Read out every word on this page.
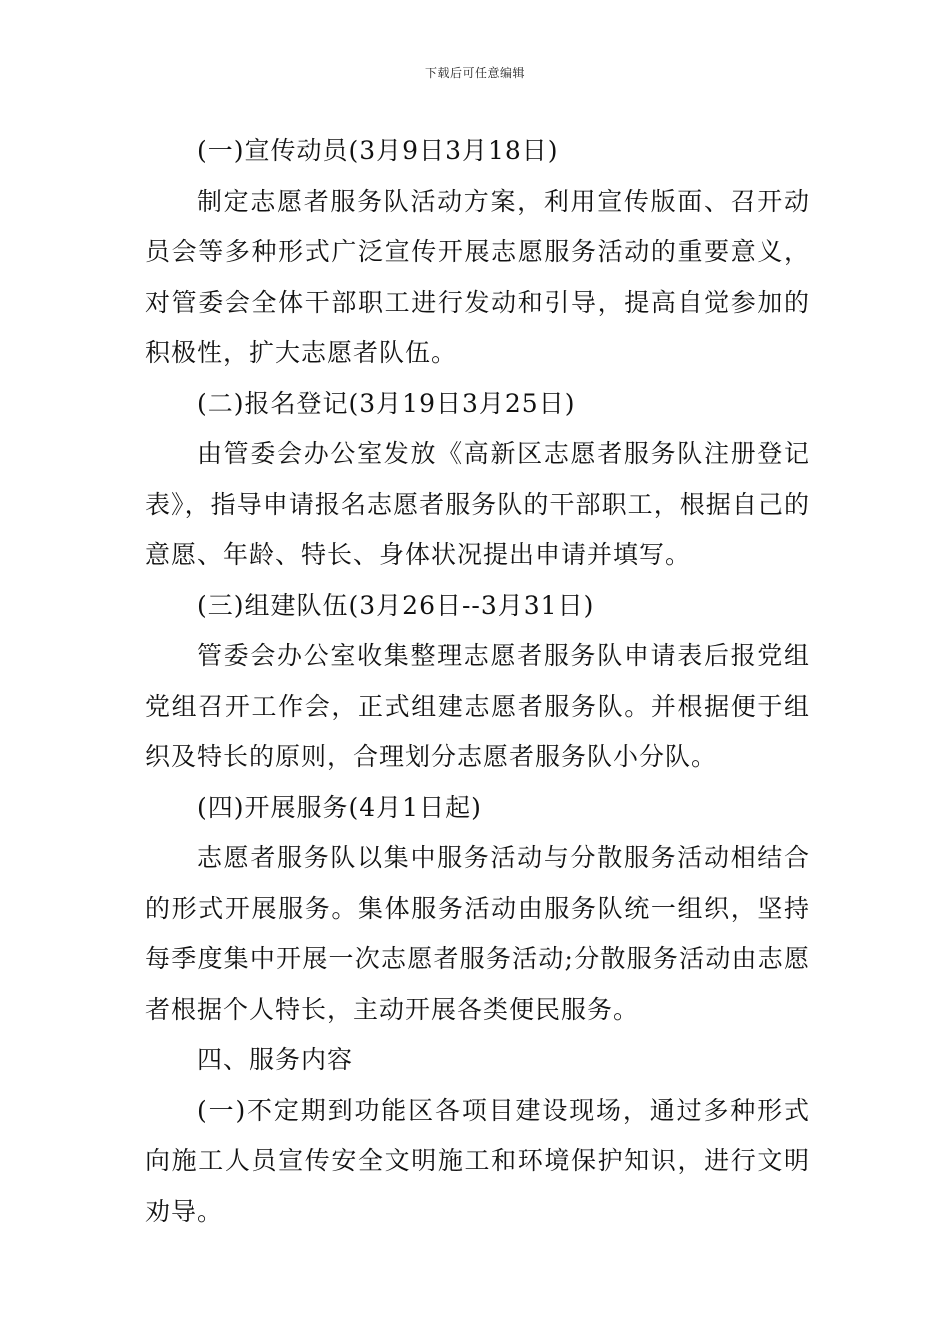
下载后可任意编辑

(一)宣传动员(3月9日3月18日)

制定志愿者服务队活动方案，利用宣传版面、召开动员会等多种形式广泛宣传开展志愿服务活动的重要意义，对管委会全体干部职工进行发动和引导，提高自觉参加的积极性，扩大志愿者队伍。

(二)报名登记(3月19日3月25日)

由管委会办公室发放《高新区志愿者服务队注册登记表》，指导申请报名志愿者服务队的干部职工，根据自己的意愿、年龄、特长、身体状况提出申请并填写。

(三)组建队伍(3月26日--3月31日)

管委会办公室收集整理志愿者服务队申请表后报党组党组召开工作会，正式组建志愿者服务队。并根据便于组织及特长的原则，合理划分志愿者服务队小分队。

(四)开展服务(4月1日起)

志愿者服务队以集中服务活动与分散服务活动相结合的形式开展服务。集体服务活动由服务队统一组织，坚持每季度集中开展一次志愿者服务活动;分散服务活动由志愿者根据个人特长，主动开展各类便民服务。

四、服务内容

(一)不定期到功能区各项目建设现场，通过多种形式向施工人员宣传安全文明施工和环境保护知识，进行文明劝导。
